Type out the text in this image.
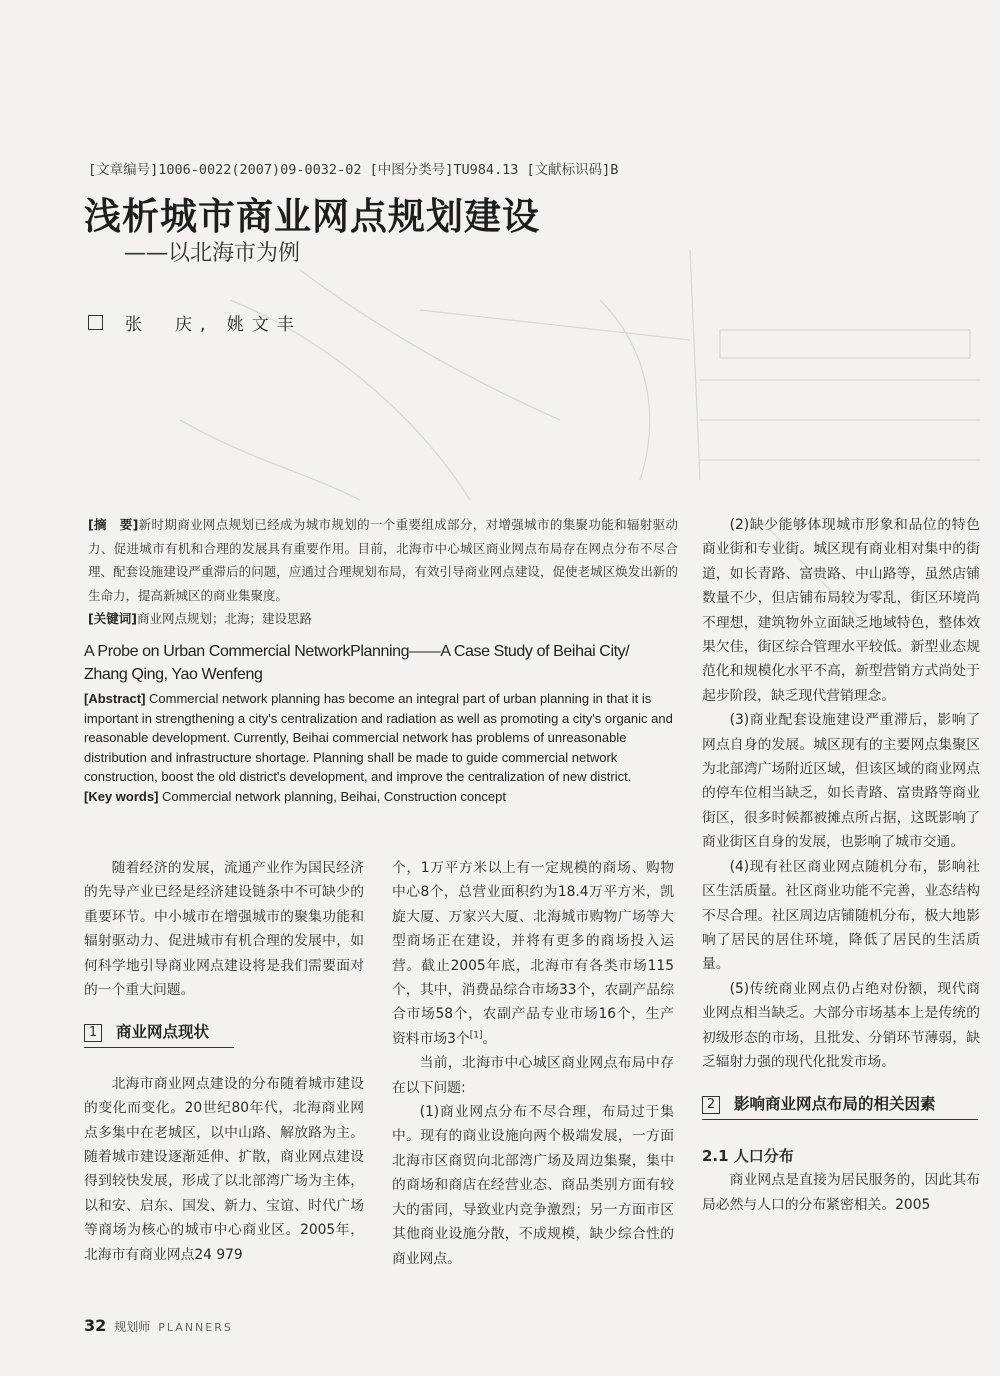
[文章编号]1006-0022(2007)09-0032-02 [中图分类号]TU984.13 [文献标识码]B
浅析城市商业网点规划建设
——以北海市为例
张　庆, 姚文丰
[摘　要]新时期商业网点规划已经成为城市规划的一个重要组成部分，对增强城市的集聚功能和辐射驱动力、促进城市有机和合理的发展具有重要作用。目前，北海市中心城区商业网点布局存在网点分布不尽合理、配套设施建设严重滞后的问题，应通过合理规划布局，有效引导商业网点建设，促使老城区焕发出新的生命力，提高新城区的商业集聚度。
[关键词]商业网点规划；北海；建设思路
A Probe on Urban Commercial NetworkPlanning——A Case Study of Beihai City/
Zhang Qing, Yao Wenfeng
[Abstract] Commercial network planning has become an integral part of urban planning in that it is important in strengthening a city's centralization and radiation as well as promoting a city's organic and reasonable development. Currently, Beihai commercial network has problems of unreasonable distribution and infrastructure shortage. Planning shall be made to guide commercial network construction, boost the old district's development, and improve the centralization of new district.
[Key words] Commercial network planning, Beihai, Construction concept

随着经济的发展，流通产业作为国民经济的先导产业已经是经济建设链条中不可缺少的重要环节。中小城市在增强城市的聚集功能和辐射驱动力、促进城市有机合理的发展中，如何科学地引导商业网点建设将是我们需要面对的一个重大问题。

1	商业网点现状

北海市商业网点建设的分布随着城市建设的变化而变化。20世纪80年代，北海商业网点多集中在老城区，以中山路、解放路为主。随着城市建设逐渐延伸、扩散，商业网点建设得到较快发展，形成了以北部湾广场为主体，以和安、启东、国发、新力、宝谊、时代广场等商场为核心的城市中心商业区。2005年，北海市有商业网点24 979

个，1万平方米以上有一定规模的商场、购物中心8个，总营业面积约为18.4万平方米，凯旋大厦、万家兴大厦、北海城市购物广场等大型商场正在建设，并将有更多的商场投入运营。截止2005年底，北海市有各类市场115个，其中，消费品综合市场33个，农副产品综合市场58个，农副产品专业市场16个，生产资料市场3个[1]。

当前，北海市中心城区商业网点布局中存在以下问题:

(1)商业网点分布不尽合理，布局过于集中。现有的商业设施向两个极端发展，一方面北海市区商贸向北部湾广场及周边集聚，集中的商场和商店在经营业态、商品类别方面有较大的雷同，导致业内竞争激烈；另一方面市区其他商业设施分散，不成规模，缺少综合性的商业网点。

(2)缺少能够体现城市形象和品位的特色商业街和专业街。城区现有商业相对集中的街道，如长青路、富贵路、中山路等，虽然店铺数量不少，但店铺布局较为零乱，街区环境尚不理想，建筑物外立面缺乏地域特色，整体效果欠佳，街区综合管理水平较低。新型业态规范化和规模化水平不高，新型营销方式尚处于起步阶段，缺乏现代营销理念。

(3)商业配套设施建设严重滞后，影响了网点自身的发展。城区现有的主要网点集聚区为北部湾广场附近区域，但该区域的商业网点的停车位相当缺乏，如长青路、富贵路等商业街区，很多时候都被摊点所占据，这既影响了商业街区自身的发展，也影响了城市交通。

(4)现有社区商业网点随机分布，影响社区生活质量。社区商业功能不完善，业态结构不尽合理。社区周边店铺随机分布，极大地影响了居民的居住环境，降低了居民的生活质量。

(5)传统商业网点仍占绝对份额，现代商业网点相当缺乏。大部分市场基本上是传统的初级形态的市场，且批发、分销环节薄弱，缺乏辐射力强的现代化批发市场。

2	影响商业网点布局的相关因素

2.1 人口分布

商业网点是直接为居民服务的，因此其布局必然与人口的分布紧密相关。2005

32 规划师 PLANNERS
